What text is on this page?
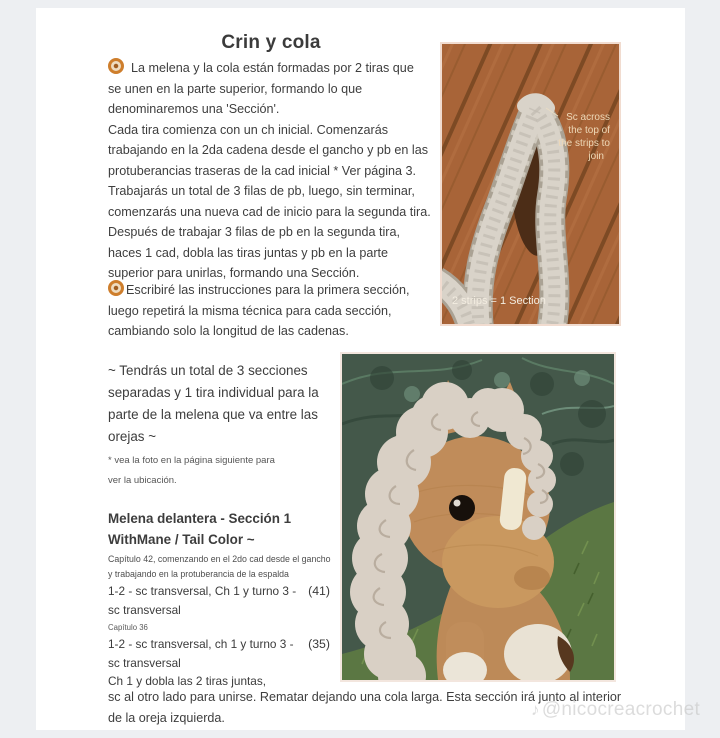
Crin y cola
La melena y la cola están formadas por 2 tiras que
se unen en la parte superior, formando lo que
denominaremos una 'Sección'.
Cada tira comienza con un ch inicial. Comenzarás
trabajando en la 2da cadena desde el gancho y pb en las
protuberancias traseras de la cad inicial * Ver página 3.
Trabajarás un total de 3 filas de pb, luego, sin terminar,
comenzarás una nueva cad de inicio para la segunda tira.
Después de trabajar 3 filas de pb en la segunda tira,
haces 1 cad, dobla las tiras juntas y pb en la parte
superior para unirlas, formando una Sección.
Escribiré las instrucciones para la primera sección,
luego repetirá la misma técnica para cada sección,
cambiando solo la longitud de las cadenas.
Sc across
the top of
the strips to
join
2 strips = 1 Section
~ Tendrás un total de 3 secciones
separadas y 1 tira individual para la
parte de la melena que va entre las
orejas ~
* vea la foto en la página siguiente para
ver la ubicación.
Melena delantera - Sección 1
WithMane / Tail Color ~
Capítulo 42, comenzando en el 2do cad desde el gancho
y trabajando en la protuberancia de la espalda
1-2 - sc transversal, Ch 1 y turno 3 - (41)
sc transversal
Capítulo 36
1-2 - sc transversal, ch 1 y turno 3 - (35)
sc transversal
Ch 1 y dobla las 2 tiras juntas,
sc al otro lado para unirse. Rematar dejando una cola larga. Esta sección irá junto al interior
de la oreja izquierda.	♪ @nicocreacrochet
